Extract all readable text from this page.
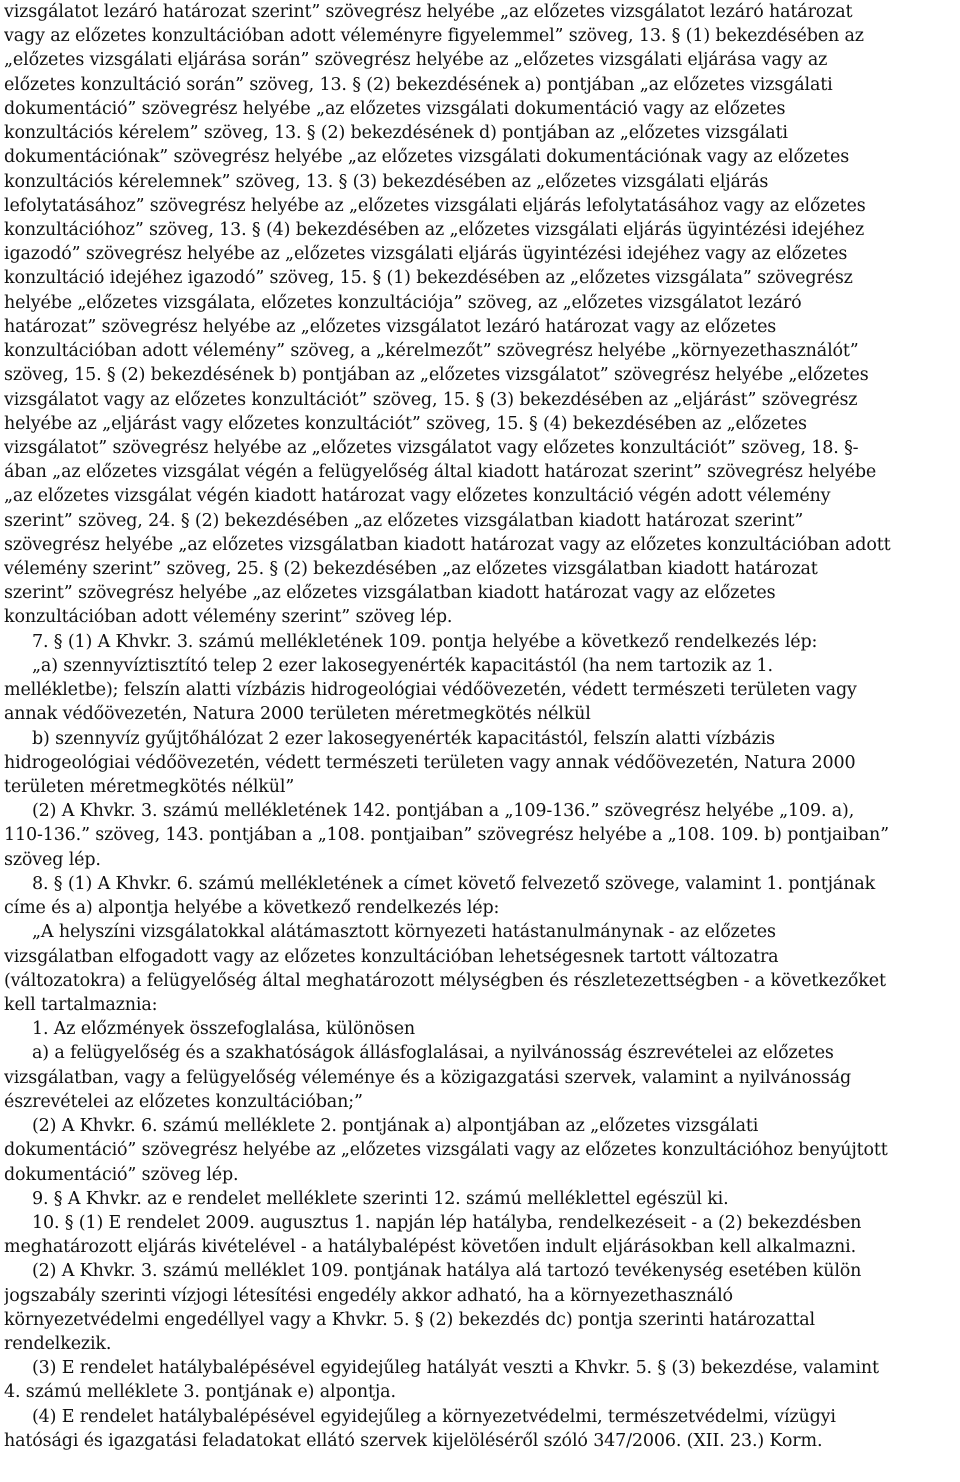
vizsgálatot lezáró határozat szerint” szövegrész helyébe „az előzetes vizsgálatot lezáró határozat
vagy az előzetes konzultációban adott véleményre figyelemmel” szöveg, 13. § (1) bekezdésében az
„előzetes vizsgálati eljárása során” szövegrész helyébe az „előzetes vizsgálati eljárása vagy az
előzetes konzultáció során” szöveg, 13. § (2) bekezdésének a) pontjában „az előzetes vizsgálati
dokumentáció” szövegrész helyébe „az előzetes vizsgálati dokumentáció vagy az előzetes
konzultációs kérelem” szöveg, 13. § (2) bekezdésének d) pontjában az „előzetes vizsgálati
dokumentációnak” szövegrész helyébe „az előzetes vizsgálati dokumentációnak vagy az előzetes
konzultációs kérelemnek” szöveg, 13. § (3) bekezdésében az „előzetes vizsgálati eljárás
lefolytatásához” szövegrész helyébe az „előzetes vizsgálati eljárás lefolytatásához vagy az előzetes
konzultációhoz” szöveg, 13. § (4) bekezdésében az „előzetes vizsgálati eljárás ügyintézési idejéhez
igazodó” szövegrész helyébe az „előzetes vizsgálati eljárás ügyintézési idejéhez vagy az előzetes
konzultáció idejéhez igazodó” szöveg, 15. § (1) bekezdésében az „előzetes vizsgálata” szövegrész
helyébe „előzetes vizsgálata, előzetes konzultációja” szöveg, az „előzetes vizsgálatot lezáró
határozat” szövegrész helyébe az „előzetes vizsgálatot lezáró határozat vagy az előzetes
konzultációban adott vélemény” szöveg, a „kérelmezőt” szövegrész helyébe „környezethasználót”
szöveg, 15. § (2) bekezdésének b) pontjában az „előzetes vizsgálatot” szövegrész helyébe „előzetes
vizsgálatot vagy az előzetes konzultációt” szöveg, 15. § (3) bekezdésében az „eljárást” szövegrész
helyébe az „eljárást vagy előzetes konzultációt” szöveg, 15. § (4) bekezdésében az „előzetes
vizsgálatot” szövegrész helyébe az „előzetes vizsgálatot vagy előzetes konzultációt” szöveg, 18. §-
ában „az előzetes vizsgálat végén a felügyelőség által kiadott határozat szerint” szövegrész helyébe
„az előzetes vizsgálat végén kiadott határozat vagy előzetes konzultáció végén adott vélemény
szerint” szöveg, 24. § (2) bekezdésében „az előzetes vizsgálatban kiadott határozat szerint”
szövegrész helyébe „az előzetes vizsgálatban kiadott határozat vagy az előzetes konzultációban adott
vélemény szerint” szöveg, 25. § (2) bekezdésében „az előzetes vizsgálatban kiadott határozat
szerint” szövegrész helyébe „az előzetes vizsgálatban kiadott határozat vagy az előzetes
konzultációban adott vélemény szerint” szöveg lép.
7. § (1) A Khvkr. 3. számú mellékletének 109. pontja helyébe a következő rendelkezés lép:
„a) szennyvíztisztító telep 2 ezer lakosegyenérték kapacitástól (ha nem tartozik az 1.
mellékletbe); felszín alatti vízbázis hidrogeológiai védőövezetén, védett természeti területen vagy
annak védőövezetén, Natura 2000 területen méretmegkötés nélkül
b) szennyvíz gyűjtőhálózat 2 ezer lakosegyenérték kapacitástól, felszín alatti vízbázis
hidrogeológiai védőövezetén, védett természeti területen vagy annak védőövezetén, Natura 2000
területen méretmegkötés nélkül”
(2) A Khvkr. 3. számú mellékletének 142. pontjában a „109-136.” szövegrész helyébe „109. a),
110-136.” szöveg, 143. pontjában a „108. pontjaiban” szövegrész helyébe a „108. 109. b) pontjaiban”
szöveg lép.
8. § (1) A Khvkr. 6. számú mellékletének a címet követő felvezető szövege, valamint 1. pontjának
címe és a) alpontja helyébe a következő rendelkezés lép:
„A helyszíni vizsgálatokkal alátámasztott környezeti hatástanulmánynak - az előzetes
vizsgálatban elfogadott vagy az előzetes konzultációban lehetségesnek tartott változatra
(változatokra) a felügyelőség által meghatározott mélységben és részletezettségben - a következőket
kell tartalmaznia:
1. Az előzmények összefoglalása, különösen
a) a felügyelőség és a szakhatóságok állásfoglalásai, a nyilvánosság észrevételei az előzetes
vizsgálatban, vagy a felügyelőség véleménye és a közigazgatási szervek, valamint a nyilvánosság
észrevételei az előzetes konzultációban;”
(2) A Khvkr. 6. számú melléklete 2. pontjának a) alpontjában az „előzetes vizsgálati
dokumentáció” szövegrész helyébe az „előzetes vizsgálati vagy az előzetes konzultációhoz benyújtott
dokumentáció” szöveg lép.
9. § A Khvkr. az e rendelet melléklete szerinti 12. számú melléklettel egészül ki.
10. § (1) E rendelet 2009. augusztus 1. napján lép hatályba, rendelkezéseit - a (2) bekezdésben
meghatározott eljárás kivételével - a hatálybalépést követően indult eljárásokban kell alkalmazni.
(2) A Khvkr. 3. számú melléklet 109. pontjának hatálya alá tartozó tevékenység esetében külön
jogszabály szerinti vízjogi létesítési engedély akkor adható, ha a környezethasználó
környezetvédelmi engedéllyel vagy a Khvkr. 5. § (2) bekezdés dc) pontja szerinti határozattal
rendelkezik.
(3) E rendelet hatálybalépésével egyidejűleg hatályát veszti a Khvkr. 5. § (3) bekezdése, valamint
4. számú melléklete 3. pontjának e) alpontja.
(4) E rendelet hatálybalépésével egyidejűleg a környezetvédelmi, természetvédelmi, vízügyi
hatósági és igazgatási feladatokat ellátó szervek kijelöléséről szóló 347/2006. (XII. 23.) Korm.
